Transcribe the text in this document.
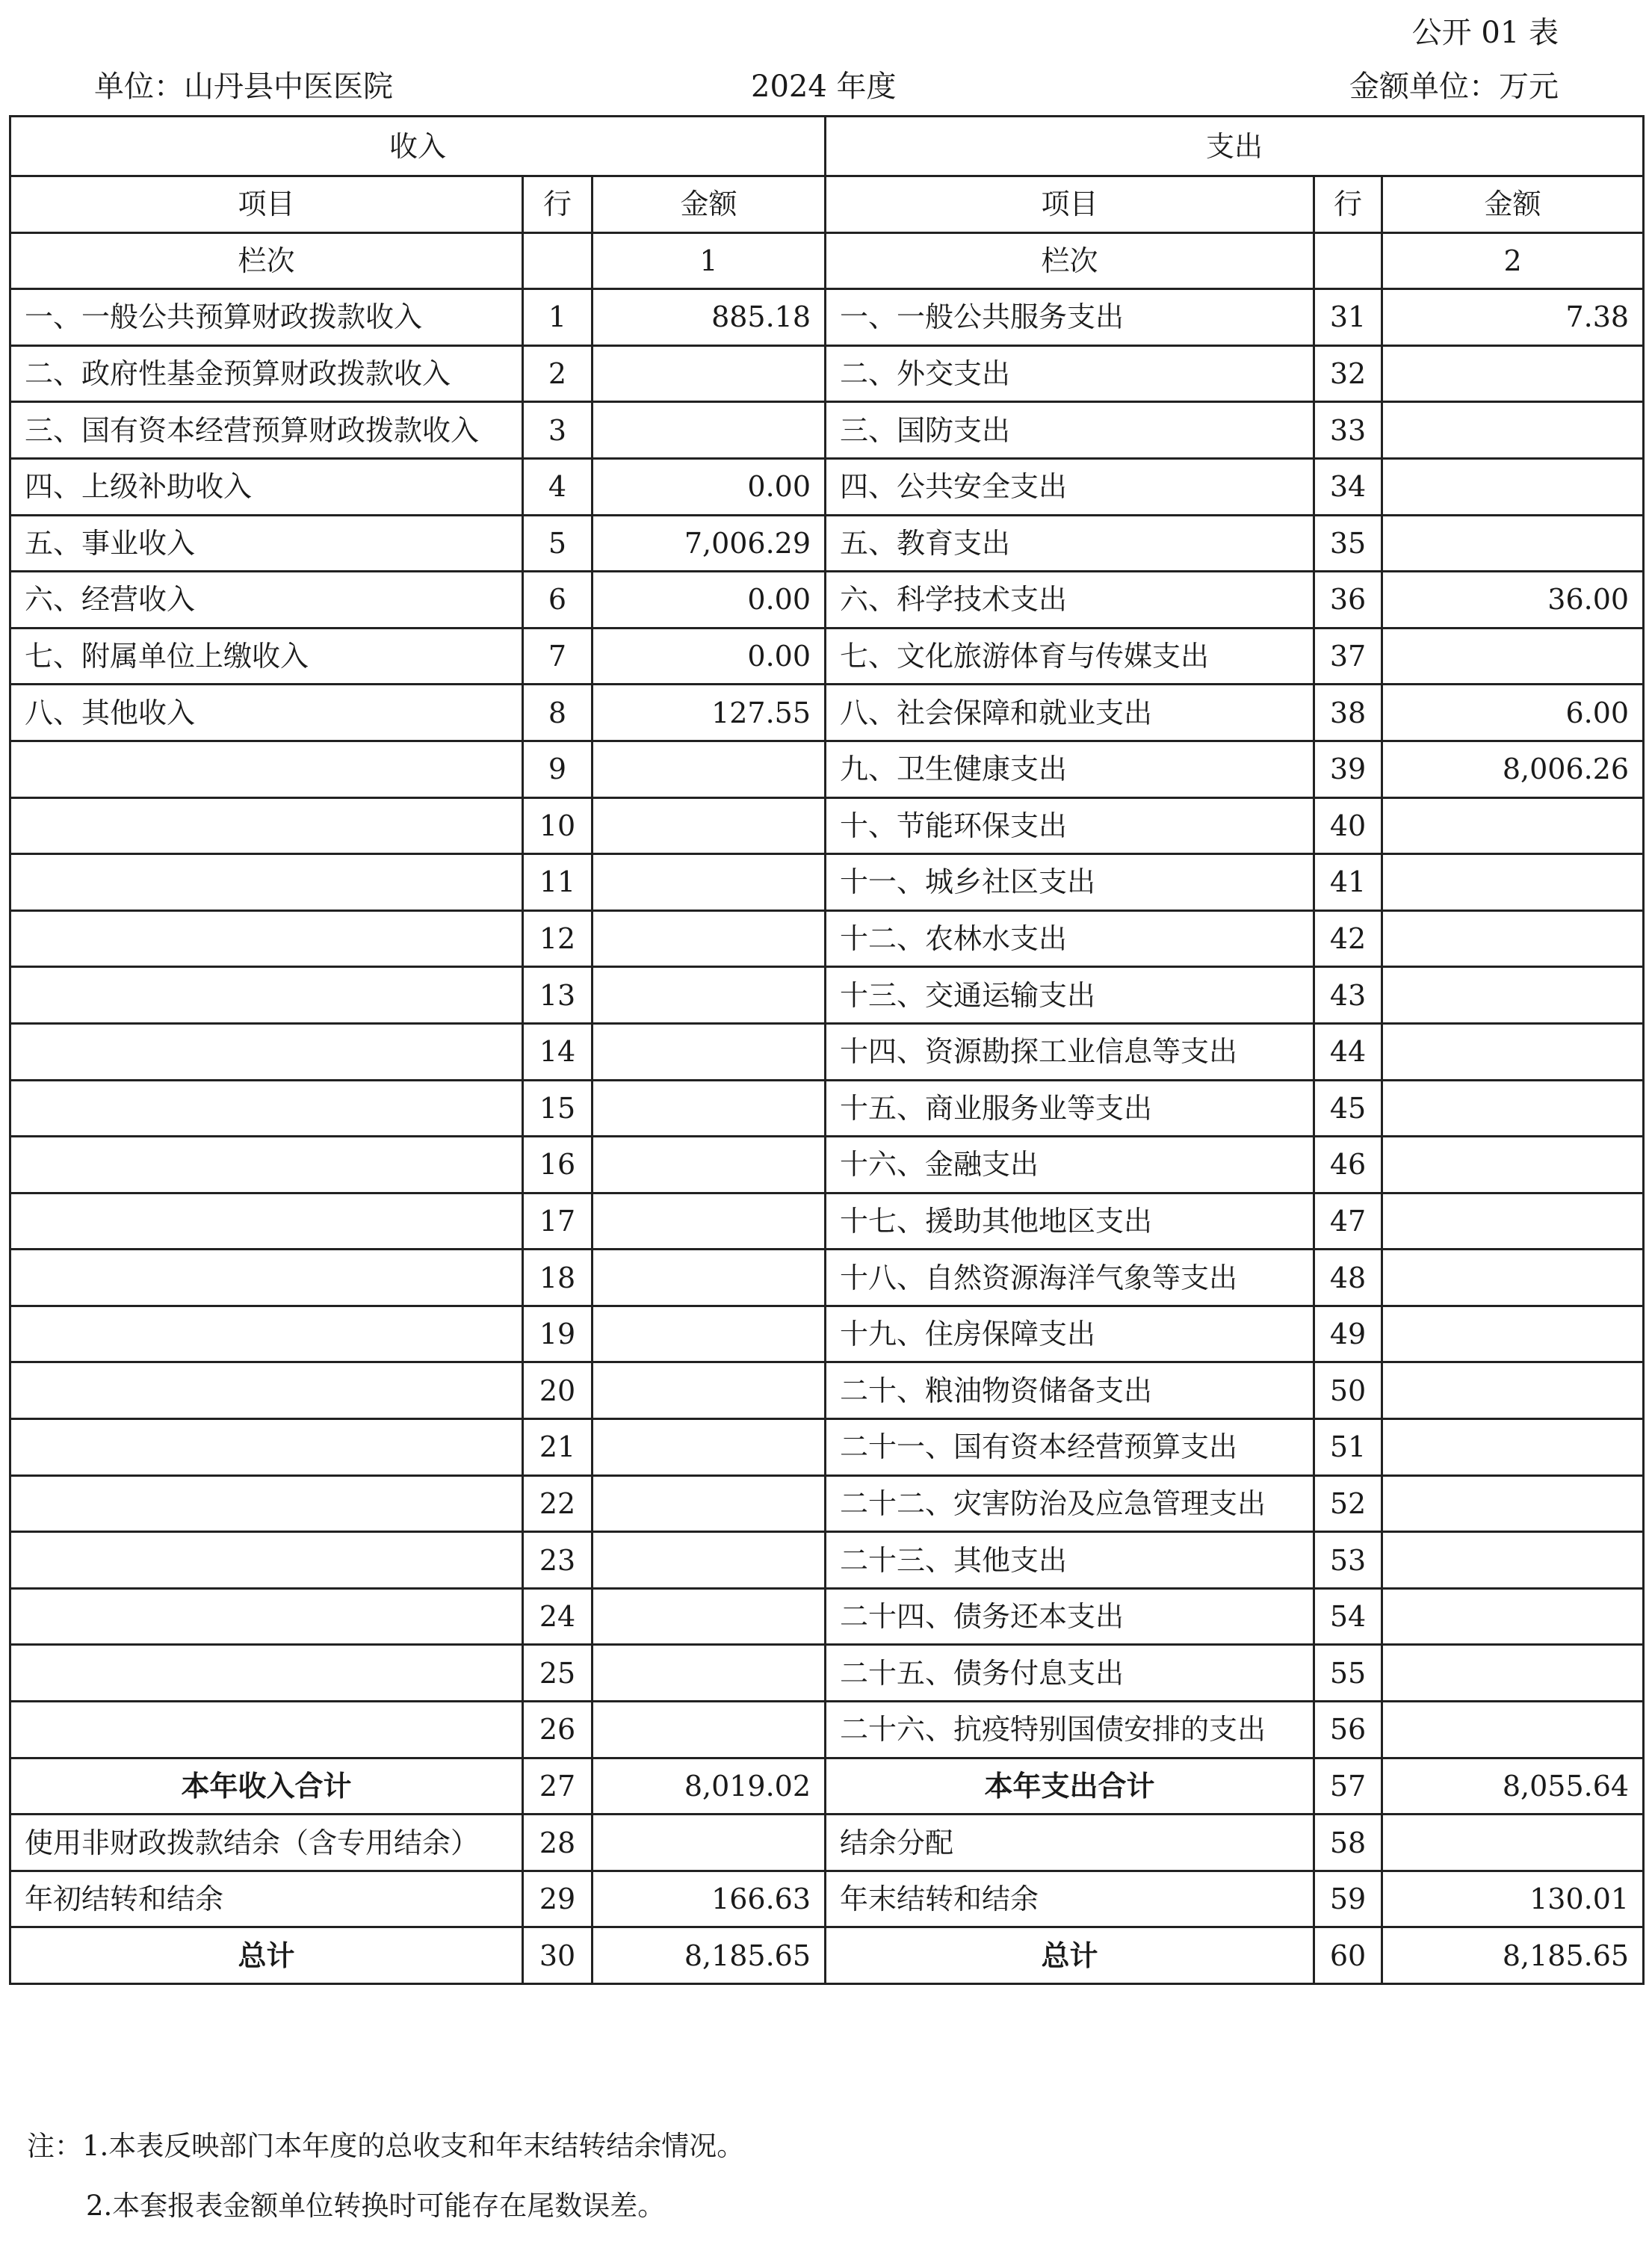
公开 01 表
单位：山丹县中医医院	2024 年度	金额单位：万元
收入			支出		
项目	行	金额	项目	行	金额
栏次		1	栏次		2
一、一般公共预算财政拨款收入	1	885.18	一、一般公共服务支出	31	7.38
二、政府性基金预算财政拨款收入	2		二、外交支出	32	
三、国有资本经营预算财政拨款收入	3		三、国防支出	33	
四、上级补助收入	4	0.00	四、公共安全支出	34	
五、事业收入	5	7,006.29	五、教育支出	35	
六、经营收入	6	0.00	六、科学技术支出	36	36.00
七、附属单位上缴收入	7	0.00	七、文化旅游体育与传媒支出	37	
八、其他收入	8	127.55	八、社会保障和就业支出	38	6.00
	9		九、卫生健康支出	39	8,006.26
	10		十、节能环保支出	40	
	11		十一、城乡社区支出	41	
	12		十二、农林水支出	42	
	13		十三、交通运输支出	43	
	14		十四、资源勘探工业信息等支出	44	
	15		十五、商业服务业等支出	45	
	16		十六、金融支出	46	
	17		十七、援助其他地区支出	47	
	18		十八、自然资源海洋气象等支出	48	
	19		十九、住房保障支出	49	
	20		二十、粮油物资储备支出	50	
	21		二十一、国有资本经营预算支出	51	
	22		二十二、灾害防治及应急管理支出	52	
	23		二十三、其他支出	53	
	24		二十四、债务还本支出	54	
	25		二十五、债务付息支出	55	
	26		二十六、抗疫特别国债安排的支出	56	
本年收入合计	27	8,019.02	本年支出合计	57	8,055.64
使用非财政拨款结余（含专用结余）	28		结余分配	58	
年初结转和结余	29	166.63	年末结转和结余	59	130.01
总计	30	8,185.65	总计	60	8,185.65
注：1.本表反映部门本年度的总收支和年末结转结余情况。
2.本套报表金额单位转换时可能存在尾数误差。
